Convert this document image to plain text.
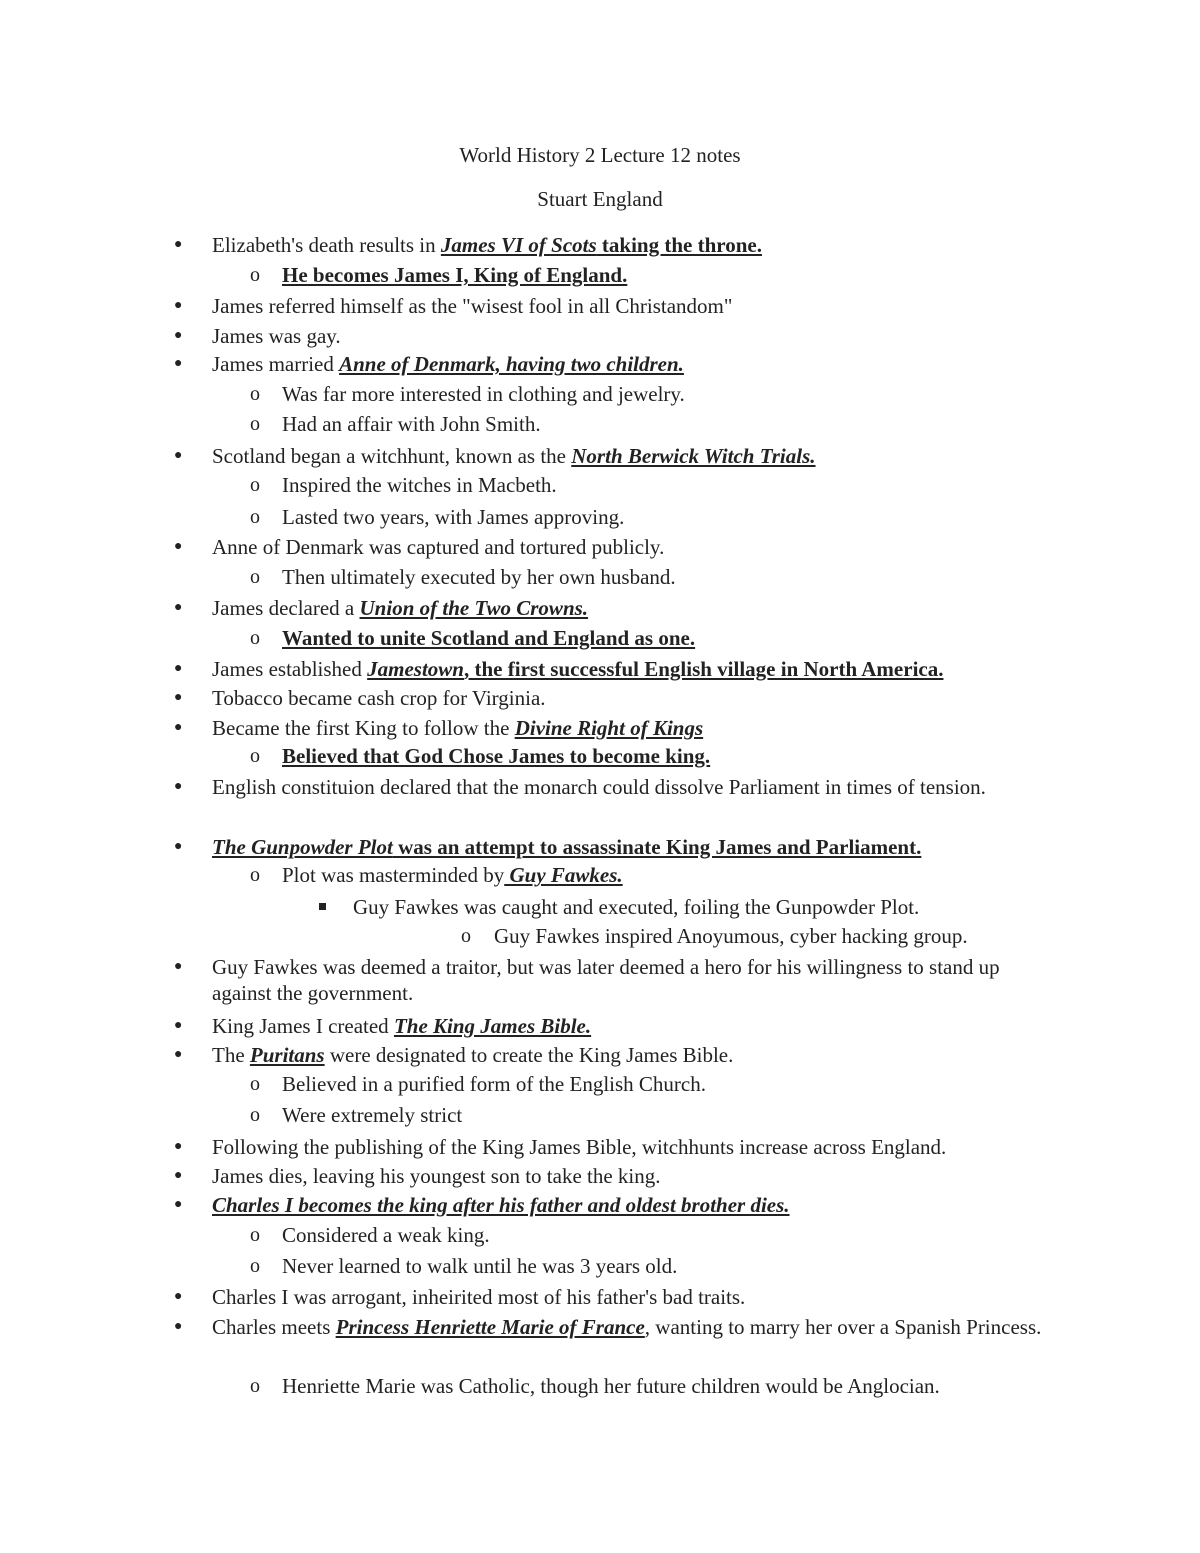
World History 2 Lecture 12 notes
Stuart England
● Elizabeth's death results in James VI of Scots taking the throne.
o He becomes James I, King of England.
● James referred himself as the "wisest fool in all Christandom"
● James was gay.
● James married Anne of Denmark, having two children.
o Was far more interested in clothing and jewelry.
o Had an affair with John Smith.
● Scotland began a witchhunt, known as the North Berwick Witch Trials.
o Inspired the witches in Macbeth.
o Lasted two years, with James approving.
● Anne of Denmark was captured and tortured publicly.
o Then ultimately executed by her own husband.
● James declared a Union of the Two Crowns.
o Wanted to unite Scotland and England as one.
● James established Jamestown, the first successful English village in North America.
● Tobacco became cash crop for Virginia.
● Became the first King to follow the Divine Right of Kings
o Believed that God Chose James to become king.
● English constituion declared that the monarch could dissolve Parliament in times of tension.
● The Gunpowder Plot was an attempt to assassinate King James and Parliament.
o Plot was masterminded by Guy Fawkes.
Guy Fawkes was caught and executed, foiling the Gunpowder Plot.
o Guy Fawkes inspired Anoyumous, cyber hacking group.
● Guy Fawkes was deemed a traitor, but was later deemed a hero for his willingness to stand up against the government.
● King James I created The King James Bible.
● The Puritans were designated to create the King James Bible.
o Believed in a purified form of the English Church.
o Were extremely strict
● Following the publishing of the King James Bible, witchhunts increase across England.
● James dies, leaving his youngest son to take the king.
● Charles I becomes the king after his father and oldest brother dies.
o Considered a weak king.
o Never learned to walk until he was 3 years old.
● Charles I was arrogant, inheirited most of his father's bad traits.
● Charles meets Princess Henriette Marie of France, wanting to marry her over a Spanish Princess.
o Henriette Marie was Catholic, though her future children would be Anglocian.
